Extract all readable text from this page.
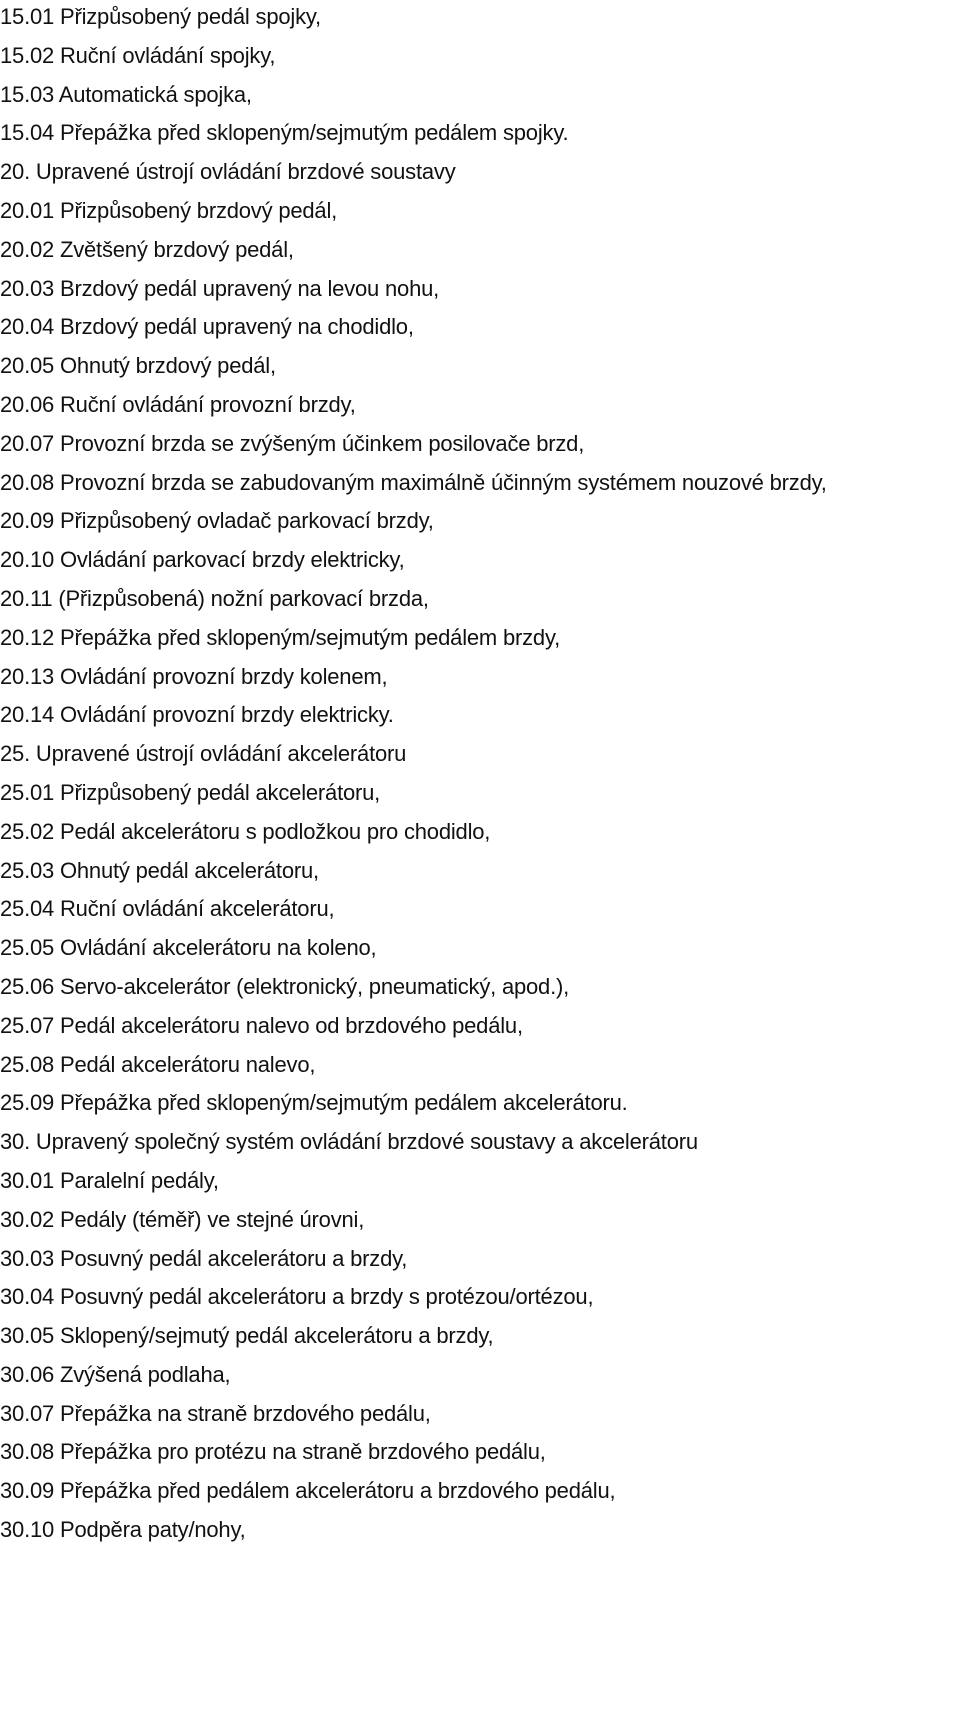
15.01 Přizpůsobený pedál spojky,
15.02 Ruční ovládání spojky,
15.03 Automatická spojka,
15.04 Přepážka před sklopeným/sejmutým pedálem spojky.
20. Upravené ústrojí ovládání brzdové soustavy
20.01 Přizpůsobený brzdový pedál,
20.02 Zvětšený brzdový pedál,
20.03 Brzdový pedál upravený na levou nohu,
20.04 Brzdový pedál upravený na chodidlo,
20.05 Ohnutý brzdový pedál,
20.06 Ruční ovládání provozní brzdy,
20.07 Provozní brzda se zvýšeným účinkem posilovače brzd,
20.08 Provozní brzda se zabudovaným maximálně účinným systémem nouzové brzdy,
20.09 Přizpůsobený ovladač parkovací brzdy,
20.10 Ovládání parkovací brzdy elektricky,
20.11 (Přizpůsobená) nožní parkovací brzda,
20.12 Přepážka před sklopeným/sejmutým pedálem brzdy,
20.13 Ovládání provozní brzdy kolenem,
20.14 Ovládání provozní brzdy elektricky.
25. Upravené ústrojí ovládání akcelerátoru
25.01 Přizpůsobený pedál akcelerátoru,
25.02 Pedál akcelerátoru s podložkou pro chodidlo,
25.03 Ohnutý pedál akcelerátoru,
25.04 Ruční ovládání akcelerátoru,
25.05 Ovládání akcelerátoru na koleno,
25.06 Servo-akcelerátor (elektronický, pneumatický, apod.),
25.07 Pedál akcelerátoru nalevo od brzdového pedálu,
25.08 Pedál akcelerátoru nalevo,
25.09 Přepážka před sklopeným/sejmutým pedálem akcelerátoru.
30. Upravený společný systém ovládání brzdové soustavy a akcelerátoru
30.01 Paralelní pedály,
30.02 Pedály (téměř) ve stejné úrovni,
30.03 Posuvný pedál akcelerátoru a brzdy,
30.04 Posuvný pedál akcelerátoru a brzdy s protézou/ortézou,
30.05 Sklopený/sejmutý pedál akcelerátoru a brzdy,
30.06 Zvýšená podlaha,
30.07 Přepážka na straně brzdového pedálu,
30.08 Přepážka pro protézu na straně brzdového pedálu,
30.09 Přepážka před pedálem akcelerátoru a brzdového pedálu,
30.10 Podpěra paty/nohy,
